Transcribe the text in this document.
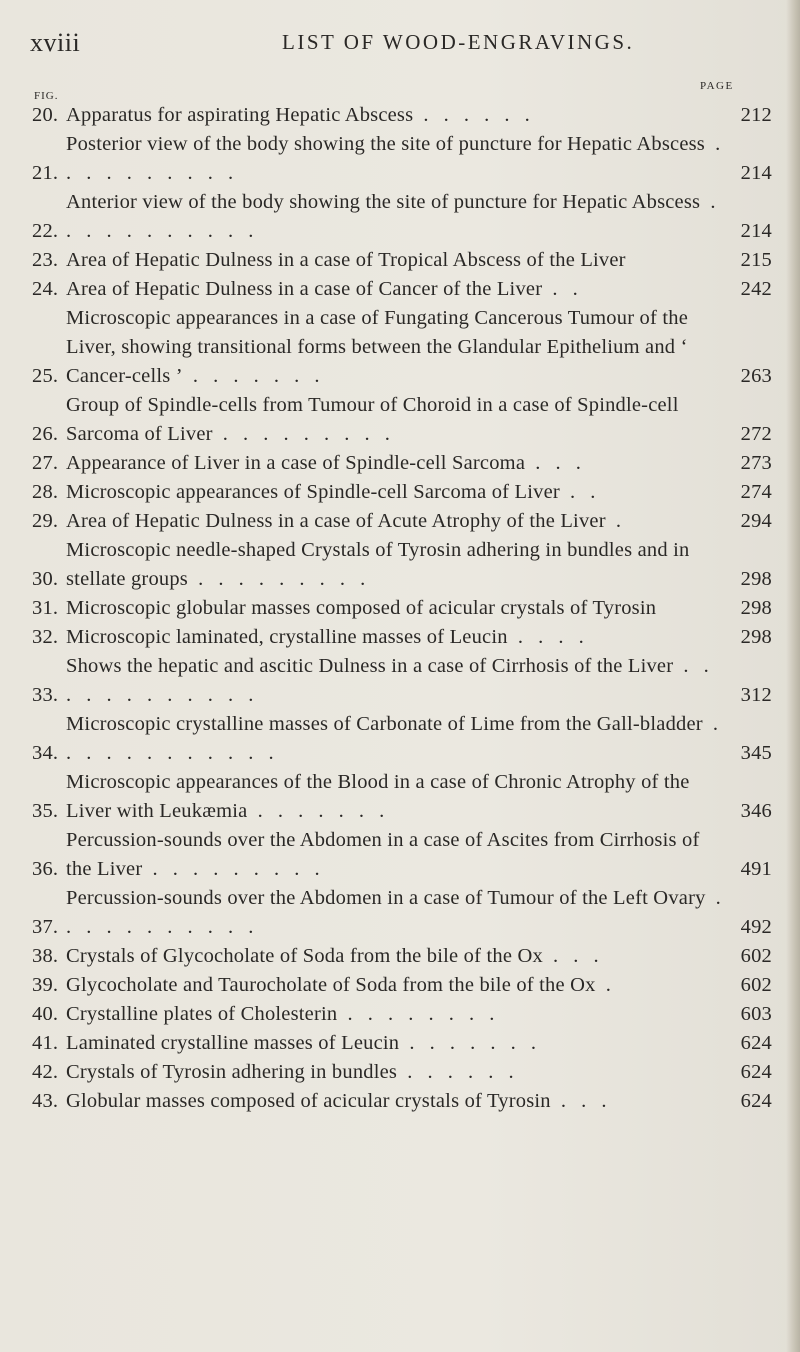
xviii	LIST OF WOOD-ENGRAVINGS.
FIG.
PAGE
20. Apparatus for aspirating Hepatic Abscess . . . . . .	212
21.
Posterior view of the body showing the site of puncture for Hepatic Abscess . . . . . . . . . .	214
22.
Anterior view of the body showing the site of puncture for Hepatic Abscess . . . . . . . . . . .	214
23. Area of Hepatic Dulness in a case of Tropical Abscess of the Liver	215
24. Area of Hepatic Dulness in a case of Cancer of the Liver . .	242
25.
Microscopic appearances in a case of Fungating Cancerous Tumour of the Liver, showing transitional forms between the Glandular Epithelium and ‘ Cancer-cells ’ . . . . . . .	263
26.
Group of Spindle-cells from Tumour of Choroid in a case of Spindle-cell Sarcoma of Liver . . . . . . . . .	272
27. Appearance of Liver in a case of Spindle-cell Sarcoma . . .	273
28. Microscopic appearances of Spindle-cell Sarcoma of Liver . .	274
29. Area of Hepatic Dulness in a case of Acute Atrophy of the Liver .	294
30.
Microscopic needle-shaped Crystals of Tyrosin adhering in bundles and in stellate groups . . . . . . . . .	298
31. Microscopic globular masses composed of acicular crystals of Tyrosin	298
32. Microscopic laminated, crystalline masses of Leucin . . . .	298
33.
Shows the hepatic and ascitic Dulness in a case of Cirrhosis of the Liver . . . . . . . . . . . .	312
34.
Microscopic crystalline masses of Carbonate of Lime from the Gall-bladder . . . . . . . . . . . .	345
35.
Microscopic appearances of the Blood in a case of Chronic Atrophy of the Liver with Leukæmia . . . . . . .	346
36.
Percussion-sounds over the Abdomen in a case of Ascites from Cirrhosis of the Liver . . . . . . . . .	491
37.
Percussion-sounds over the Abdomen in a case of Tumour of the Left Ovary . . . . . . . . . . .	492
38. Crystals of Glycocholate of Soda from the bile of the Ox . . .	602
39. Glycocholate and Taurocholate of Soda from the bile of the Ox .	602
40. Crystalline plates of Cholesterin . . . . . . . .	603
41. Laminated crystalline masses of Leucin . . . . . . .	624
42. Crystals of Tyrosin adhering in bundles . . . . . .	624
43. Globular masses composed of acicular crystals of Tyrosin . . .	624
